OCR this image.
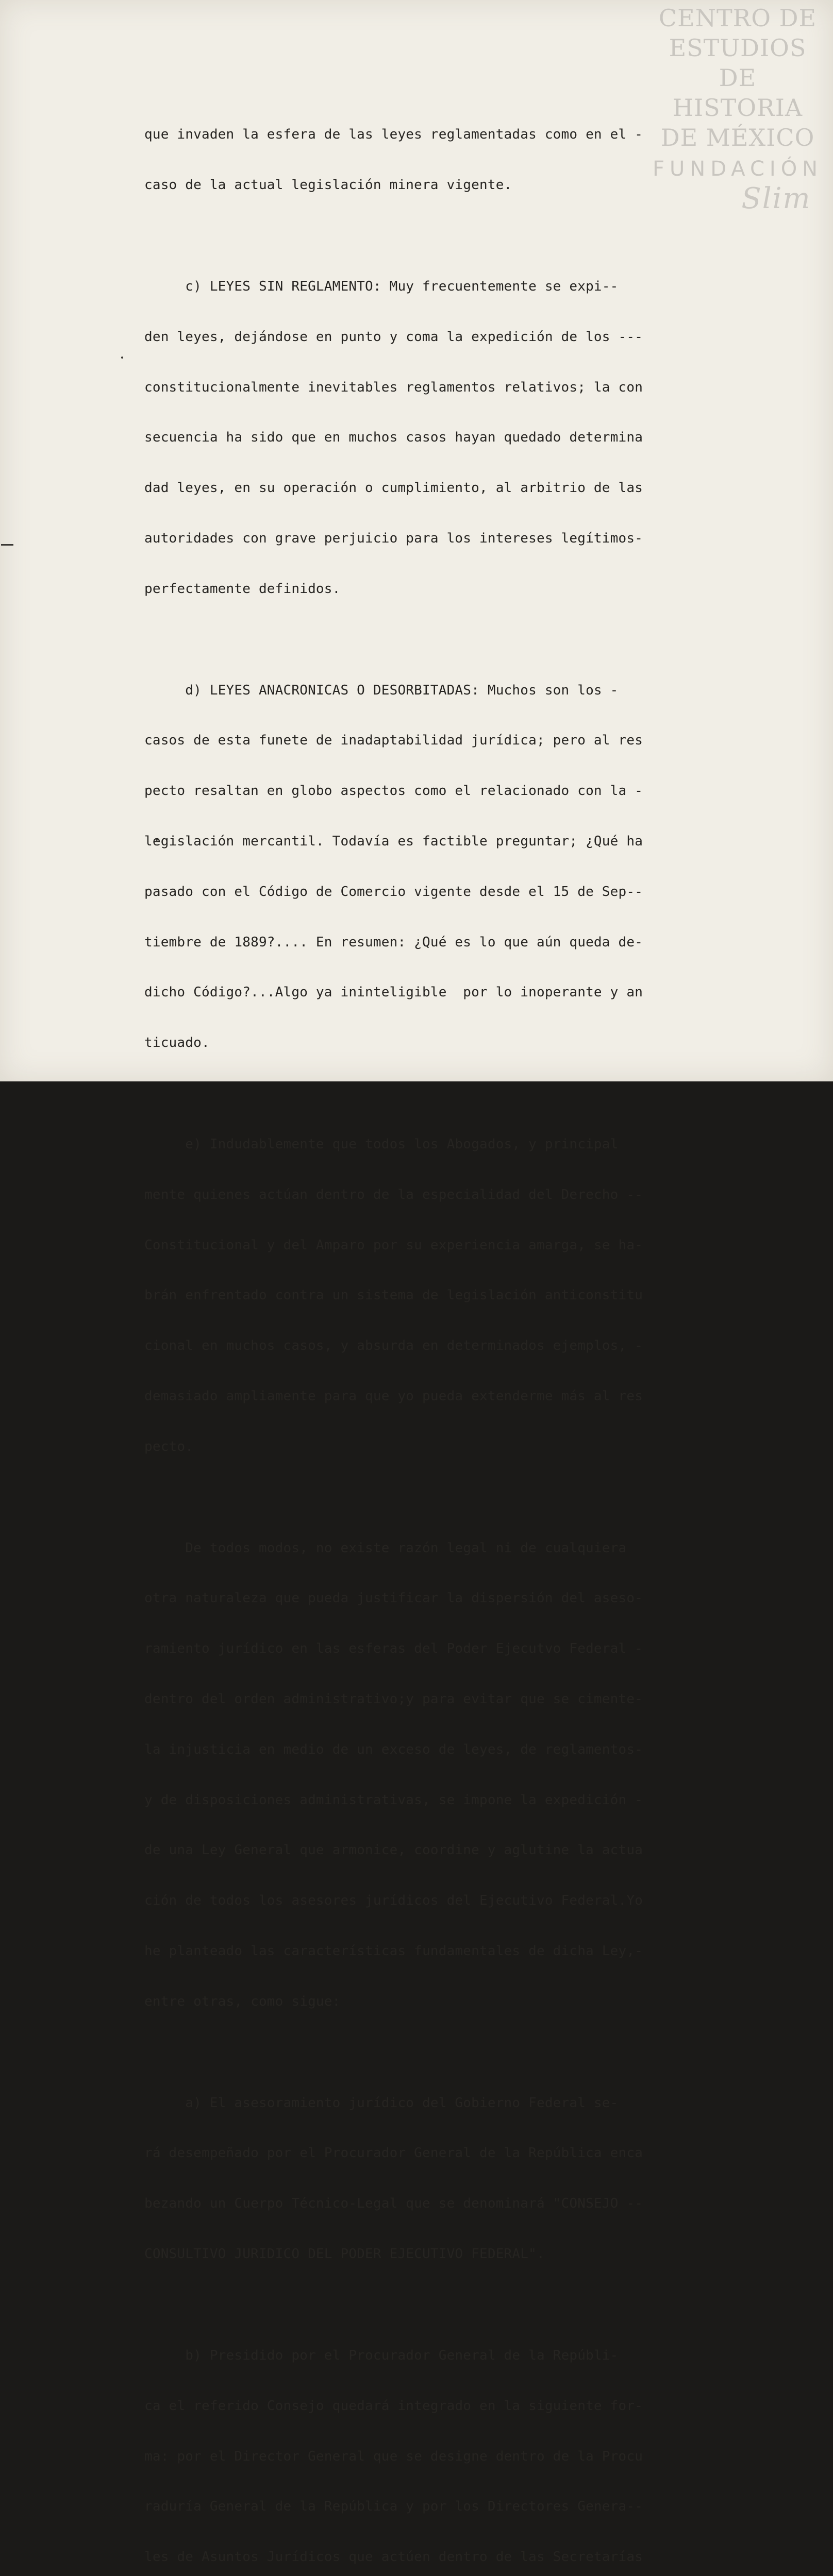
CENTRO DE
ESTUDIOS
DE HISTORIA
DE MÉXICO
FUNDACIÓN
Slim

que invaden la esfera de las leyes reglamentadas como en el -

caso de la actual legislación minera vigente.

c) LEYES SIN REGLAMENTO: Muy frecuentemente se expi--

den leyes, dejándose en punto y coma la expedición de los ---

constitucionalmente inevitables reglamentos relativos; la con

secuencia ha sido que en muchos casos hayan quedado determina

dad leyes, en su operación o cumplimiento, al arbitrio de las

autoridades con grave perjuicio para los intereses legítimos-

perfectamente definidos.

d) LEYES ANACRONICAS O DESORBITADAS: Muchos son los -

casos de esta funete de inadaptabilidad jurídica; pero al res

pecto resaltan en globo aspectos como el relacionado con la -

legislación mercantil. Todavía es factible preguntar; ¿Qué ha

pasado con el Código de Comercio vigente desde el 15 de Sep--

tiembre de 1889?.... En resumen: ¿Qué es lo que aún queda de-

dicho Código?...Algo ya ininteligible  por lo inoperante y an

ticuado.

e) Indudablemente que todos los Abogados, y principal

mente quienes actúan dentro de la especialidad del Derecho --

Constitucional y del Amparo por su experiencia amarga, se ha-

brán enfrentado contra un sistema de legislación anticonstitu

cional en muchos casos, y absurda en determinados ejemplos, -

demasiado ampliamente para que yo pueda extenderme más al res

pecto.

De todos modos, no existe razón legal ni de cualquiera

otra naturaleza que pueda justificar la dispersión del aseso-

ramiento jurídico en las esferas del Poder Ejecutvo Federal -

dentro del orden administrativo;y para evitar que se cimente-

la injusticia en medio de un exceso de leyes, de reglamentos-

y de disposiciones administrativas, se impone la expedición -

de una Ley General que armonice, coordine y aglutine la actua

ción de todos los asesores jurídicos del Ejecutivo Federal.Yo

he planteado las características fundamentales de dicha Ley,-

entre otras, como sigue:

a) El asesoramiento jurídico del Gobierno Federal se-

rá desempeñado por el Procurador General de la República enca

bezando un Cuerpo Técnico-Legal que se denominará "CONSEJO --

CONSULTIVO JURIDICO DEL PODER EJECUTIVO FEDERAL".

b) Presidido por el Procurador General de la Repúbli-

ca el referido Consejo quedará integrado en la siguiente for-

ma: por el Director General que se designe dentro de la Procu

raduría General de la República y por los Directores Genera--

les de Asuntos Jurídicos que actúen dentro de las Secretarías
